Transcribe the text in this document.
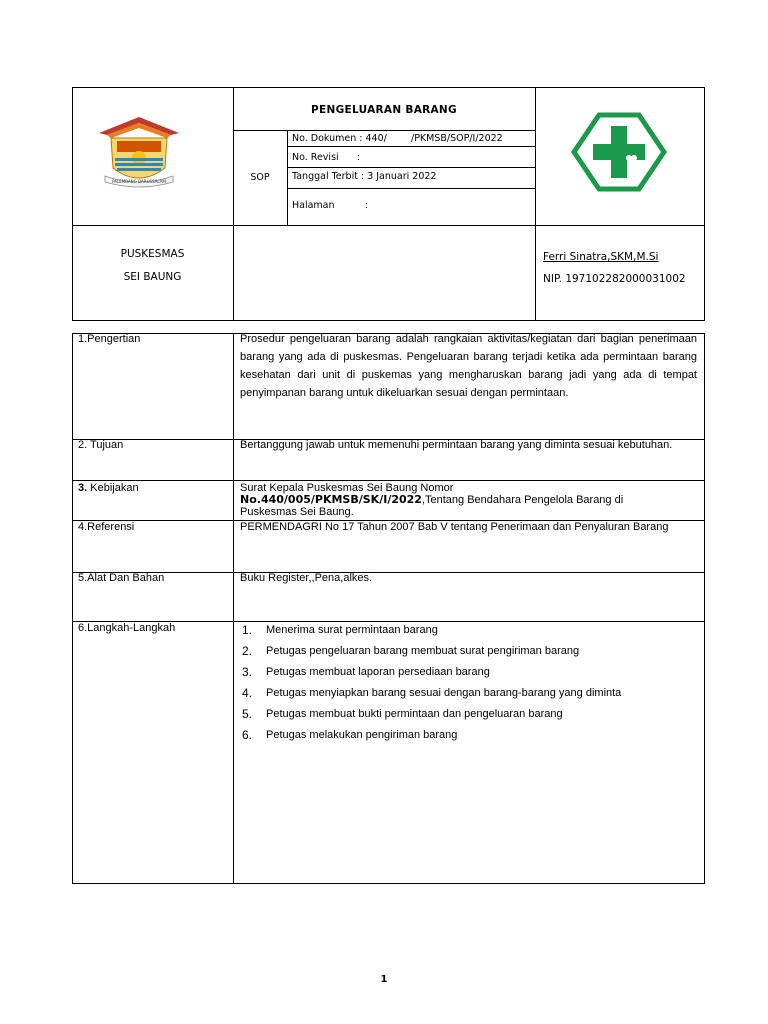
PALEMBANG DARUSSALAM
PENGELUARAN BARANG
SOP
No. Dokumen : 440/        /PKMSB/SOP/I/2022
No. Revisi      :
Tanggal Terbit : 3 Januari 2022
Halaman          :
PUSKESMAS
SEI BAUNG
Ferri Sinatra,SKM,M.Si
NIP. 197102282000031002
1.Pengertian	Prosedur pengeluaran barang adalah rangkaian aktivitas/kegiatan dari bagian penerimaan barang yang ada di puskesmas. Pengeluaran barang terjadi ketika ada permintaan barang kesehatan dari unit di puskemas yang mengharuskan barang jadi yang ada di tempat penyimpanan barang untuk dikeluarkan sesuai dengan permintaan.
2. Tujuan	Bertanggung jawab untuk memenuhi permintaan barang yang diminta sesuai kebutuhan.
3. Kebijakan	Surat Kepala Puskesmas Sei Baung Nomor
No.440/005/PKMSB/SK/I/2022,Tentang Bendahara Pengelola Barang di
Puskesmas Sei Baung.
4.Referensi	PERMENDAGRI No 17 Tahun 2007 Bab V tentang Penerimaan dan Penyaluran Barang
5.Alat Dan Bahan	Buku Register,,Pena,alkes.
6.Langkah-Langkah	1. Menerima surat permintaan barang
2. Petugas pengeluaran barang membuat surat pengiriman barang
3. Petugas membuat laporan persediaan barang
4. Petugas menyiapkan barang sesuai dengan barang-barang yang diminta
5. Petugas membuat bukti permintaan dan pengeluaran barang
6. Petugas melakukan pengiriman barang
1
